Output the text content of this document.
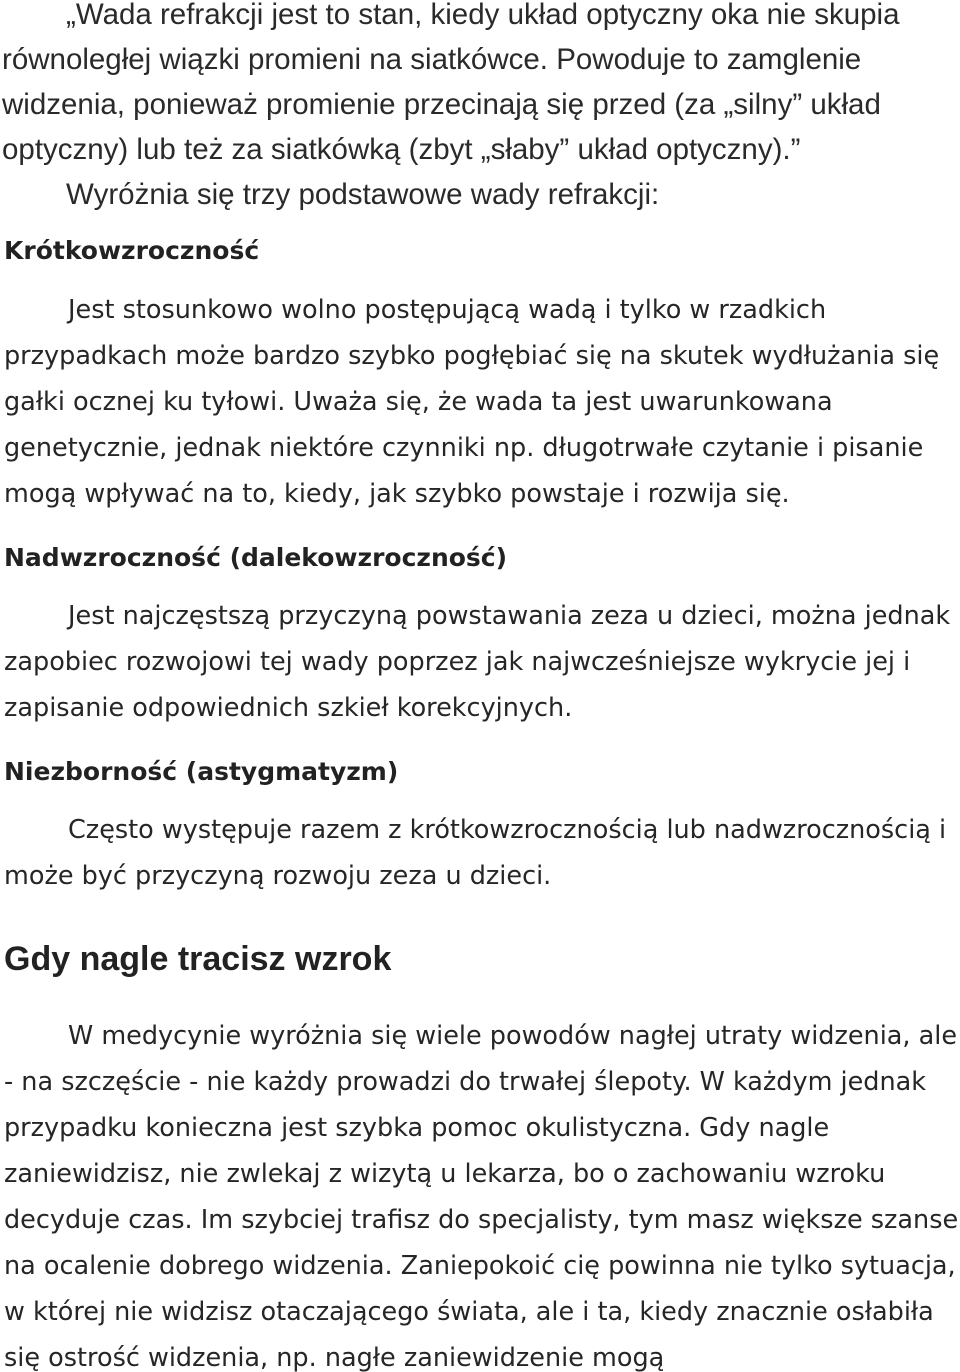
„Wada refrakcji jest to stan, kiedy układ optyczny oka nie skupia równoległej wiązki promieni na siatkówce. Powoduje to zamglenie widzenia, ponieważ promienie przecinają się przed (za „silny” układ optyczny) lub też za siatkówką (zbyt „słaby” układ optyczny).”
Wyróżnia się trzy podstawowe wady refrakcji:

Krótkowzroczność

Jest stosunkowo wolno postępującą wadą i tylko w rzadkich przypadkach może bardzo szybko pogłębiać się na skutek wydłużania się gałki ocznej ku tyłowi. Uważa się, że wada ta jest uwarunkowana genetycznie, jednak niektóre czynniki np. długotrwałe czytanie i pisanie mogą wpływać na to, kiedy, jak szybko powstaje i rozwija się.

Nadwzroczność (dalekowzroczność)

Jest najczęstszą przyczyną powstawania zeza u dzieci, można jednak zapobiec rozwojowi tej wady poprzez jak najwcześniejsze wykrycie jej i zapisanie odpowiednich szkieł korekcyjnych.

Niezborność (astygmatyzm)

Często występuje razem z krótkowzrocznością lub nadwzrocznością i może być przyczyną rozwoju zeza u dzieci.

Gdy nagle tracisz wzrok

W medycynie wyróżnia się wiele powodów nagłej utraty widzenia, ale - na szczęście - nie każdy prowadzi do trwałej ślepoty. W każdym jednak przypadku konieczna jest szybka pomoc okulistyczna. Gdy nagle zaniewidzisz, nie zwlekaj z wizytą u lekarza, bo o zachowaniu wzroku decyduje czas. Im szybciej trafisz do specjalisty, tym masz większe szanse na ocalenie dobrego widzenia. Zaniepokoić cię powinna nie tylko sytuacja, w której nie widzisz otaczającego świata, ale i ta, kiedy znacznie osłabiła się ostrość widzenia, np. nagłe zaniewidzenie mogą
